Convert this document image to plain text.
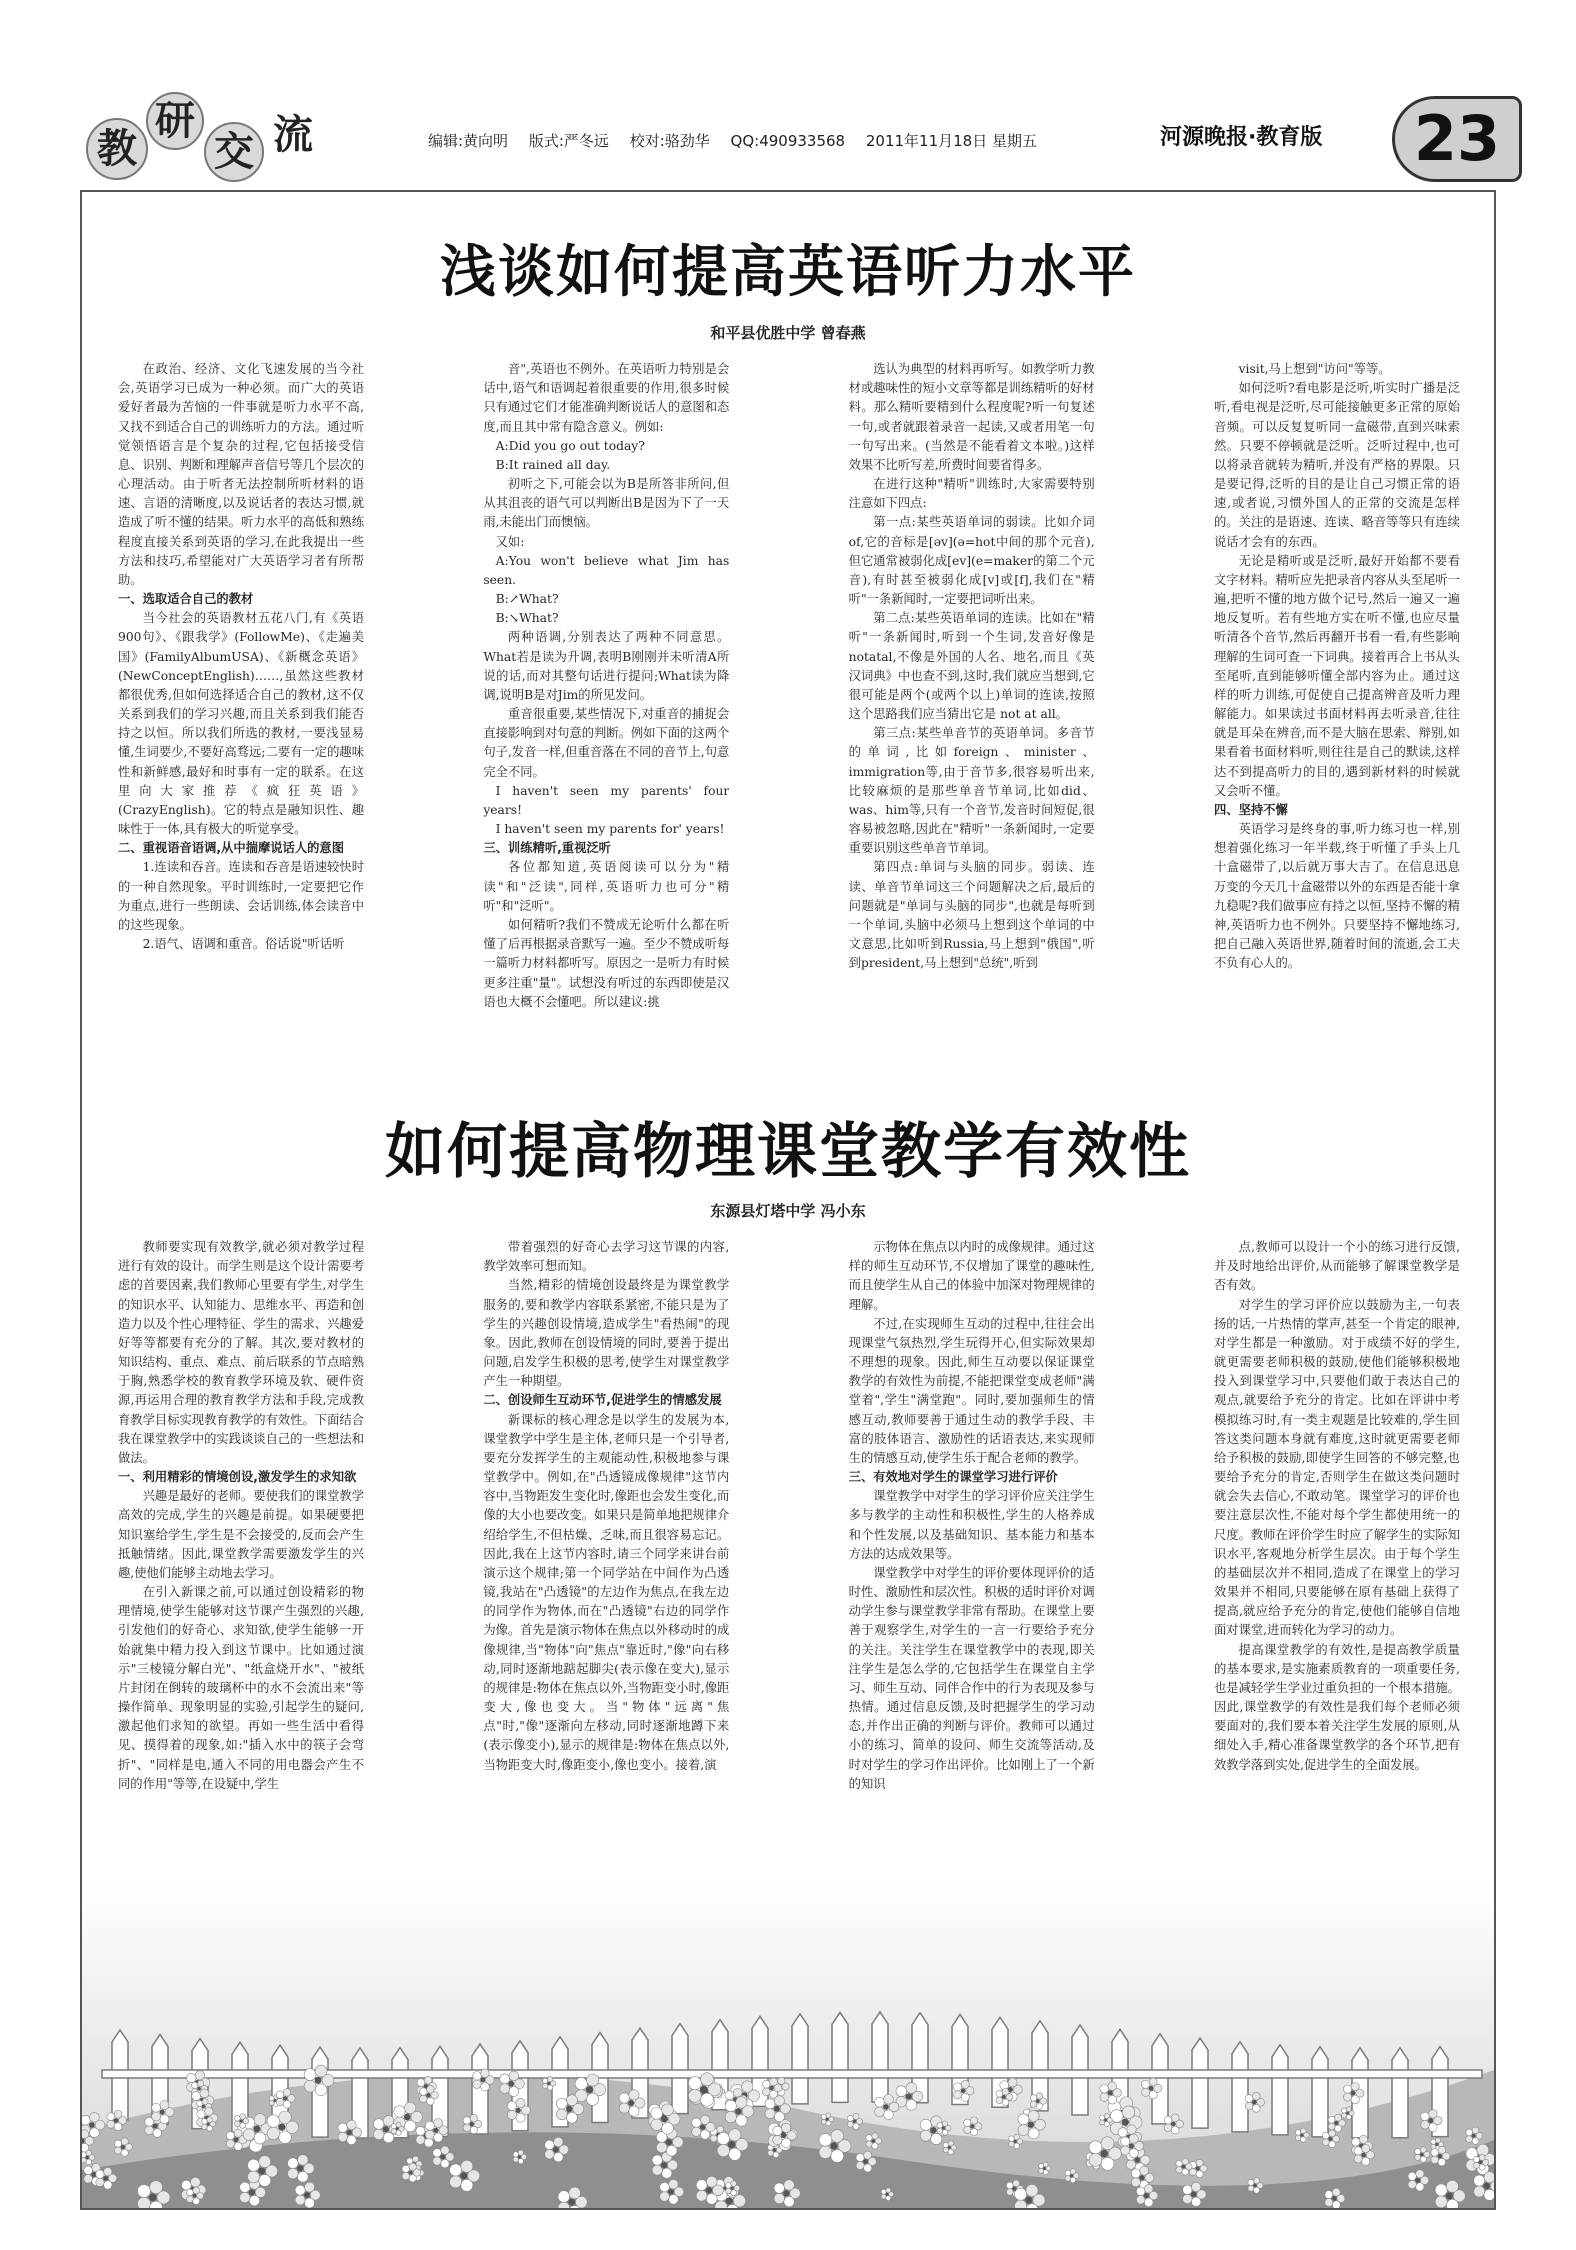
教
研
交 流	编辑:黄向明 版式:严冬远 校对:骆劲华 QQ:490933568 2011年11月18日 星期五	河源晚报·教育版	23
浅谈如何提高英语听力水平
和平县优胜中学 曾春燕

在政治、经济、文化飞速发展的当今社会,英语学习已成为一种必须。而广大的英语爱好者最为苦恼的一件事就是听力水平不高,又找不到适合自己的训练听力的方法。通过听觉领悟语言是个复杂的过程,它包括接受信息、识别、判断和理解声音信号等几个层次的心理活动。由于听者无法控制所听材料的语速、言语的清晰度,以及说话者的表达习惯,就造成了听不懂的结果。听力水平的高低和熟练程度直接关系到英语的学习,在此我提出一些方法和技巧,希望能对广大英语学习者有所帮助。

一、选取适合自己的教材

当今社会的英语教材五花八门,有《英语900句》、《跟我学》(FollowMe)、《走遍美国》(FamilyAlbumUSA)、《新概念英语》(NewConceptEnglish)……,虽然这些教材都很优秀,但如何选择适合自己的教材,这不仅关系到我们的学习兴趣,而且关系到我们能否持之以恒。所以我们所选的教材,一要浅显易懂,生词要少,不要好高骛远;二要有一定的趣味性和新鲜感,最好和时事有一定的联系。在这里向大家推荐《疯狂英语》(CrazyEnglish)。它的特点是融知识性、趣味性于一体,具有极大的听觉享受。

二、重视语音语调,从中揣摩说话人的意图

1.连读和吞音。连读和吞音是语速较快时的一种自然现象。平时训练时,一定要把它作为重点,进行一些朗读、会话训练,体会读音中的这些现象。

2.语气、语调和重音。俗话说"听话听

音",英语也不例外。在英语听力特别是会话中,语气和语调起着很重要的作用,很多时候只有通过它们才能准确判断说话人的意图和态度,而且其中常有隐含意义。例如:

A:Did you go out today?

B:It rained all day.

初听之下,可能会以为B是所答非所问,但从其沮丧的语气可以判断出B是因为下了一天雨,未能出门而懊恼。

又如:

A:You won't believe what Jim has seen.

B:↗What?

B:↘What?

两种语调,分别表达了两种不同意思。What若是读为升调,表明B刚刚并未听清A所说的话,而对其整句话进行提问;What读为降调,说明B是对Jim的所见发问。

重音很重要,某些情况下,对重音的捕捉会直接影响到对句意的判断。例如下面的这两个句子,发音一样,但重音落在不同的音节上,句意完全不同。

I haven't seen my parents' four years!

I haven't seen my parents for' years!

三、训练精听,重视泛听

各位都知道,英语阅读可以分为"精读"和"泛读",同样,英语听力也可分"精听"和"泛听"。

如何精听?我们不赞成无论听什么都在听懂了后再根据录音默写一遍。至少不赞成听每一篇听力材料都听写。原因之一是听力有时候更多注重"量"。试想没有听过的东西即使是汉语也大概不会懂吧。所以建议:挑

选认为典型的材料再听写。如教学听力教材或趣味性的短小文章等都是训练精听的好材料。那么精听要精到什么程度呢?听一句复述一句,或者就跟着录音一起读,又或者用笔一句一句写出来。(当然是不能看着文本啦。)这样效果不比听写差,所费时间要省得多。

在进行这种"精听"训练时,大家需要特别注意如下四点:

第一点:某些英语单词的弱读。比如介词of,它的音标是[əv](ə=hot中间的那个元音),但它通常被弱化成[ev](e=maker的第二个元音),有时甚至被弱化成[v]或[f],我们在"精听"一条新闻时,一定要把词听出来。

第二点:某些英语单词的连读。比如在"精听"一条新闻时,听到一个生词,发音好像是notatal,不像是外国的人名、地名,而且《英汉词典》中也查不到,这时,我们就应当想到,它很可能是两个(或两个以上)单词的连读,按照这个思路我们应当猜出它是 not at all。

第三点:某些单音节的英语单词。多音节的单词,比如foreign、minister、immigration等,由于音节多,很容易听出来,比较麻烦的是那些单音节单词,比如did、was、him等,只有一个音节,发音时间短促,很容易被忽略,因此在"精听"一条新闻时,一定要重要识别这些单音节单词。

第四点:单词与头脑的同步。弱读、连读、单音节单词这三个问题解决之后,最后的问题就是"单词与头脑的同步",也就是每听到一个单词,头脑中必须马上想到这个单词的中文意思,比如听到Russia,马上想到"俄国",听到president,马上想到"总统",听到

visit,马上想到"访问"等等。

如何泛听?看电影是泛听,听实时广播是泛听,看电视是泛听,尽可能接触更多正常的原始音频。可以反复复听同一盒磁带,直到兴味索然。只要不停顿就是泛听。泛听过程中,也可以将录音就转为精听,并没有严格的界限。只是要记得,泛听的目的是让自己习惯正常的语速,或者说,习惯外国人的正常的交流是怎样的。关注的是语速、连读、略音等等只有连续说话才会有的东西。

无论是精听或是泛听,最好开始都不要看文字材料。精听应先把录音内容从头至尾听一遍,把听不懂的地方做个记号,然后一遍又一遍地反复听。若有些地方实在听不懂,也应尽量听清各个音节,然后再翻开书看一看,有些影响理解的生词可查一下词典。接着再合上书从头至尾听,直到能够听懂全部内容为止。通过这样的听力训练,可促使自己提高辨音及听力理解能力。如果读过书面材料再去听录音,往往就是耳朵在辨音,而不是大脑在思索、辩别,如果看着书面材料听,则往往是自己的默读,这样达不到提高听力的目的,遇到新材料的时候就又会听不懂。

四、坚持不懈

英语学习是终身的事,听力练习也一样,别想着强化练习一年半载,终于听懂了手头上几十盒磁带了,以后就万事大吉了。在信息迅息万变的今天几十盒磁带以外的东西是否能十拿九稳呢?我们做事应有持之以恒,坚持不懈的精神,英语听力也不例外。只要坚持不懈地练习,把自己融入英语世界,随着时间的流逝,会工夫不负有心人的。

如何提高物理课堂教学有效性
东源县灯塔中学 冯小东

教师要实现有效教学,就必须对教学过程进行有效的设计。而学生则是这个设计需要考虑的首要因素,我们教师心里要有学生,对学生的知识水平、认知能力、思维水平、再造和创造力以及个性心理特征、学生的需求、兴趣爱好等等都要有充分的了解。其次,要对教材的知识结构、重点、难点、前后联系的节点暗熟于胸,熟悉学校的教育教学环境及软、硬件资源,再运用合理的教育教学方法和手段,完成教育教学目标实现教育教学的有效性。下面结合我在课堂教学中的实践谈谈自己的一些想法和做法。

一、利用精彩的情境创设,激发学生的求知欲

兴趣是最好的老师。要使我们的课堂教学高效的完成,学生的兴趣是前提。如果硬要把知识塞给学生,学生是不会接受的,反而会产生抵触情绪。因此,课堂教学需要激发学生的兴趣,使他们能够主动地去学习。

在引入新课之前,可以通过创设精彩的物理情境,使学生能够对这节课产生强烈的兴趣,引发他们的好奇心、求知欲,使学生能够一开始就集中精力投入到这节课中。比如通过演示"三棱镜分解白光"、"纸盒烧开水"、"被纸片封闭在倒转的玻璃杯中的水不会流出来"等操作简单、现象明显的实验,引起学生的疑问,激起他们求知的欲望。再如一些生活中看得见、摸得着的现象,如:"插入水中的筷子会弯折"、"同样是电,通入不同的用电器会产生不同的作用"等等,在设疑中,学生

带着强烈的好奇心去学习这节课的内容,教学效率可想而知。

当然,精彩的情境创设最终是为课堂教学服务的,要和教学内容联系紧密,不能只是为了学生的兴趣创设情境,造成学生"看热闹"的现象。因此,教师在创设情境的同时,要善于提出问题,启发学生积极的思考,使学生对课堂教学产生一种期望。

二、创设师生互动环节,促进学生的情感发展

新课标的核心理念是以学生的发展为本,课堂教学中学生是主体,老师只是一个引导者,要充分发挥学生的主观能动性,积极地参与课堂教学中。例如,在"凸透镜成像规律"这节内容中,当物距发生变化时,像距也会发生变化,而像的大小也要改变。如果只是简单地把规律介绍给学生,不但枯燥、乏味,而且很容易忘记。因此,我在上这节内容时,请三个同学来讲台前演示这个规律;第一个同学站在中间作为凸透镜,我站在"凸透镜"的左边作为焦点,在我左边的同学作为物体,而在"凸透镜"右边的同学作为像。首先是演示物体在焦点以外移动时的成像规律,当"物体"向"焦点"靠近时,"像"向右移动,同时逐渐地踮起脚尖(表示像在变大),显示的规律是:物体在焦点以外,当物距变小时,像距变大,像也变大。当"物体"远离"焦点"时,"像"逐渐向左移动,同时逐渐地蹲下来(表示像变小),显示的规律是:物体在焦点以外,当物距变大时,像距变小,像也变小。接着,演

示物体在焦点以内时的成像规律。通过这样的师生互动环节,不仅增加了课堂的趣味性,而且使学生从自己的体验中加深对物理规律的理解。

不过,在实现师生互动的过程中,往往会出现课堂气氛热烈,学生玩得开心,但实际效果却不理想的现象。因此,师生互动要以保证课堂教学的有效性为前提,不能把课堂变成老师"满堂着",学生"满堂跑"。同时,要加强师生的情感互动,教师要善于通过生动的教学手段、丰富的肢体语言、激励性的话语表达,来实现师生的情感互动,使学生乐于配合老师的教学。

三、有效地对学生的课堂学习进行评价

课堂教学中对学生的学习评价应关注学生多与教学的主动性和积极性,学生的人格养成和个性发展,以及基础知识、基本能力和基本方法的达成效果等。

课堂教学中对学生的评价要体现评价的适时性、激励性和层次性。积极的适时评价对调动学生参与课堂教学非常有帮助。在课堂上要善于观察学生,对学生的一言一行要给予充分的关注。关注学生在课堂教学中的表现,即关注学生是怎么学的,它包括学生在课堂自主学习、师生互动、同伴合作中的行为表现及参与热情。通过信息反馈,及时把握学生的学习动态,并作出正确的判断与评价。教师可以通过小的练习、简单的设问、师生交流等活动,及时对学生的学习作出评价。比如刚上了一个新的知识

点,教师可以设计一个小的练习进行反馈,并及时地给出评价,从而能够了解课堂教学是否有效。

对学生的学习评价应以鼓励为主,一句表扬的话,一片热情的掌声,甚至一个肯定的眼神,对学生都是一种激励。对于成绩不好的学生,就更需要老师积极的鼓励,使他们能够积极地投入到课堂学习中,只要他们敢于表达自己的观点,就要给予充分的肯定。比如在评讲中考模拟练习时,有一类主观题是比较难的,学生回答这类问题本身就有难度,这时就更需要老师给予积极的鼓励,即使学生回答的不够完整,也要给予充分的肯定,否则学生在做这类问题时就会失去信心,不敢动笔。课堂学习的评价也要注意层次性,不能对每个学生都使用统一的尺度。教师在评价学生时应了解学生的实际知识水平,客观地分析学生层次。由于每个学生的基础层次并不相同,造成了在课堂上的学习效果并不相同,只要能够在原有基础上获得了提高,就应给予充分的肯定,使他们能够自信地面对课堂,进而转化为学习的动力。

提高课堂教学的有效性,是提高教学质量的基本要求,是实施素质教育的一项重要任务,也是减轻学生学业过重负担的一个根本措施。因此,课堂教学的有效性是我们每个老师必须要面对的,我们要本着关注学生发展的原则,从细处入手,精心准备课堂教学的各个环节,把有效教学落到实处,促进学生的全面发展。
